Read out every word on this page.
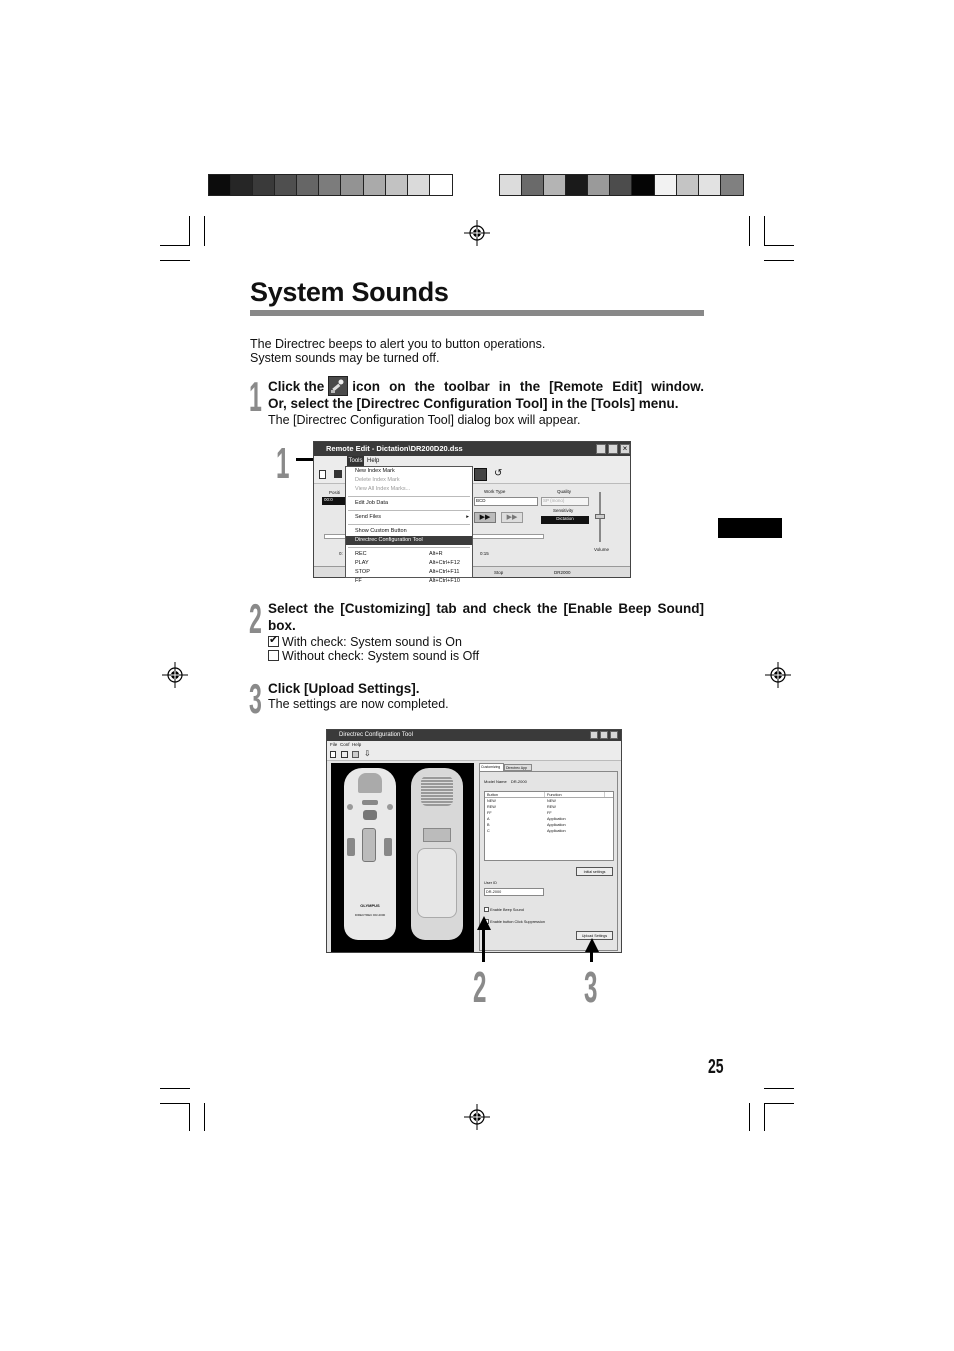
System Sounds
The Directrec beeps to alert you to button operations.
System sounds may be turned off.
1 Click the icon on the toolbar in the [Remote Edit] window.
Or, select the [Directrec Configuration Tool] in the [Tools] menu.
The [Directrec Configuration Tool] dialog box will appear.
1	Remote Edit - Dictation\DR200D20.dss	×
Tools Help
↺
Positi
00:0
Work Type
BCD
Quality
SP (mono)
Sensitivity
Dictation
Volume
▶▶	▶▶
0:	0:15
Stop	DR2000
New Index Mark
Delete Index Mark
View All Index Marks...
Edit Job Data
Send Files	▸
Show Custom Button
Directrec Configuration Tool
REC	Alt+R
PLAY	Alt+Ctrl+F12
STOP	Alt+Ctrl+F11
FF	Alt+Ctrl+F10
2 Select the [Customizing] tab and check the [Enable Beep Sound]
box.
✔With check: System sound is On
Without check: System sound is Off
3 Click [Upload Settings].
The settings are now completed.
Directrec Configuration Tool
File Conf Help
⇩
OLYMPUS
DIRECTREC DR-2000
Customizing	Directrec App
Model Name DR-2000
Button	Function
NEW	NEW
REW	REW
FF	FF
A	Application
B	Application
C	Application
Initial settings
User ID
DR-2000
Enable Beep Sound
Enable button Click Suppression
Upload Settings
2 3
25
